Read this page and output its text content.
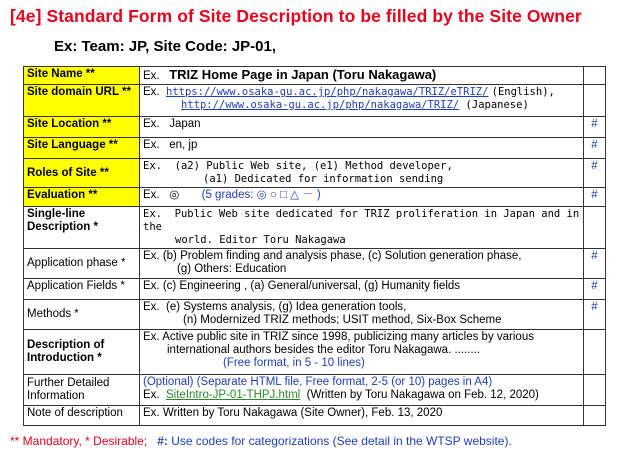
[4e] Standard Form of Site Description to be filled by the Site Owner
Ex: Team: JP, Site Code: JP-01,
Site Name **	Ex. TRIZ Home Page in Japan (Toru Nakagawa)	
Site domain URL **	Ex. https://www.osaka-gu.ac.jp/php/nakagawa/TRIZ/eTRIZ/ (English),
http://www.osaka-gu.ac.jp/php/nakagawa/TRIZ/ (Japanese)	

Site Location **	Ex. Japan	#
Site Language **	Ex. en, jp	#
Roles of Site **	Ex. (a2) Public Web site, (e1) Method developer,
(a1) Dedicated for information sending	#
Evaluation **	Ex. ◎ (5 grades: ◎ ○ □ △ － )	#
Single-line Description *	Ex. Public Web site dedicated for TRIZ proliferation in Japan and in the
world. Editor Toru Nakagawa	

Application phase *	Ex. (b) Problem finding and analysis phase, (c) Solution generation phase,
(g) Others: Education	#
Application Fields *	Ex. (c) Engineering , (a) General/universal, (g) Humanity fields	#
Methods *	Ex. (e) Systems analysis, (g) Idea generation tools,
(n) Modernized TRIZ methods; USIT method, Six-Box Scheme	#
Description of Introduction *	Ex. Active public site in TRIZ since 1998, publicizing many articles by various
international authors besides the editor Toru Nakagawa. ........
(Free format, in 5 - 10 lines)	

Further Detailed Information	(Optional) (Separate HTML file, Free format, 2-5 (or 10) pages in A4)
Ex. SiteIntro-JP-01-THPJ.html (Written by Toru Nakagawa on Feb. 12, 2020)	

Note of description	Ex. Written by Toru Nakagawa (Site Owner), Feb. 13, 2020	
** Mandatory, * Desirable; #: Use codes for categorizations (See detail in the WTSP website).
